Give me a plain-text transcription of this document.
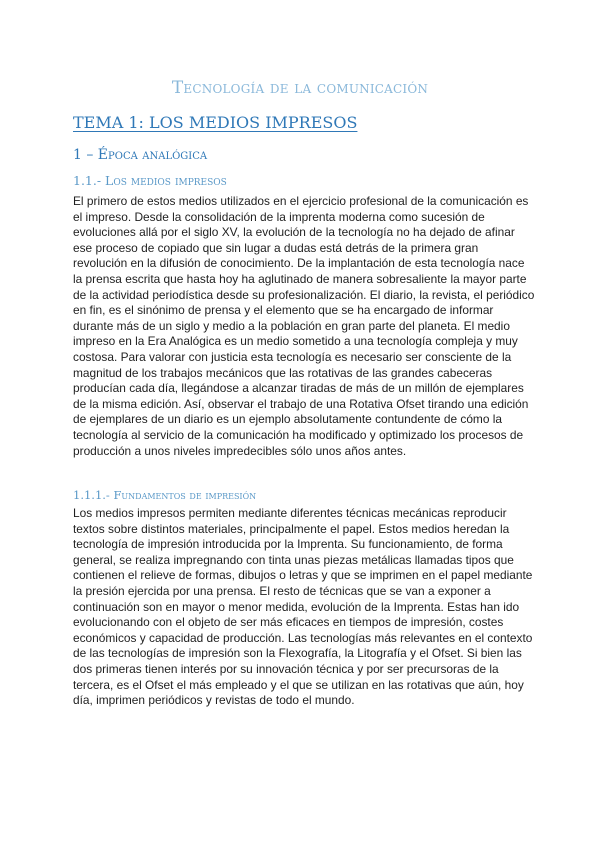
Tecnología de la comunicación
TEMA 1: LOS MEDIOS IMPRESOS
1 – Época analógica
1.1.- Los medios impresos

El primero de estos medios utilizados en el ejercicio profesional de la comunicación es el impreso. Desde la consolidación de la imprenta moderna como sucesión de evoluciones allá por el siglo XV, la evolución de la tecnología no ha dejado de afinar ese proceso de copiado que sin lugar a dudas está detrás de la primera gran revolución en la difusión de conocimiento. De la implantación de esta tecnología nace la prensa escrita que hasta hoy ha aglutinado de manera sobresaliente la mayor parte de la actividad periodística desde su profesionalización. El diario, la revista, el periódico en fin, es el sinónimo de prensa y el elemento que se ha encargado de informar durante más de un siglo y medio a la población en gran parte del planeta. El medio impreso en la Era Analógica es un medio sometido a una tecnología compleja y muy costosa. Para valorar con justicia esta tecnología es necesario ser consciente de la magnitud de los trabajos mecánicos que las rotativas de las grandes cabeceras producían cada día, llegándose a alcanzar tiradas de más de un millón de ejemplares de la misma edición. Así, observar el trabajo de una Rotativa Ofset tirando una edición de ejemplares de un diario es un ejemplo absolutamente contundente de cómo la tecnología al servicio de la comunicación ha modificado y optimizado los procesos de producción a unos niveles impredecibles sólo unos años antes.

1.1.1.- Fundamentos de impresión

Los medios impresos permiten mediante diferentes técnicas mecánicas reproducir textos sobre distintos materiales, principalmente el papel. Estos medios heredan la tecnología de impresión introducida por la Imprenta. Su funcionamiento, de forma general, se realiza impregnando con tinta unas piezas metálicas llamadas tipos que contienen el relieve de formas, dibujos o letras y que se imprimen en el papel mediante la presión ejercida por una prensa. El resto de técnicas que se van a exponer a continuación son en mayor o menor medida, evolución de la Imprenta. Estas han ido evolucionando con el objeto de ser más eficaces en tiempos de impresión, costes económicos y capacidad de producción. Las tecnologías más relevantes en el contexto de las tecnologías de impresión son la Flexografía, la Litografía y el Ofset. Si bien las dos primeras tienen interés por su innovación técnica y por ser precursoras de la tercera, es el Ofset el más empleado y el que se utilizan en las rotativas que aún, hoy día, imprimen periódicos y revistas de todo el mundo.
